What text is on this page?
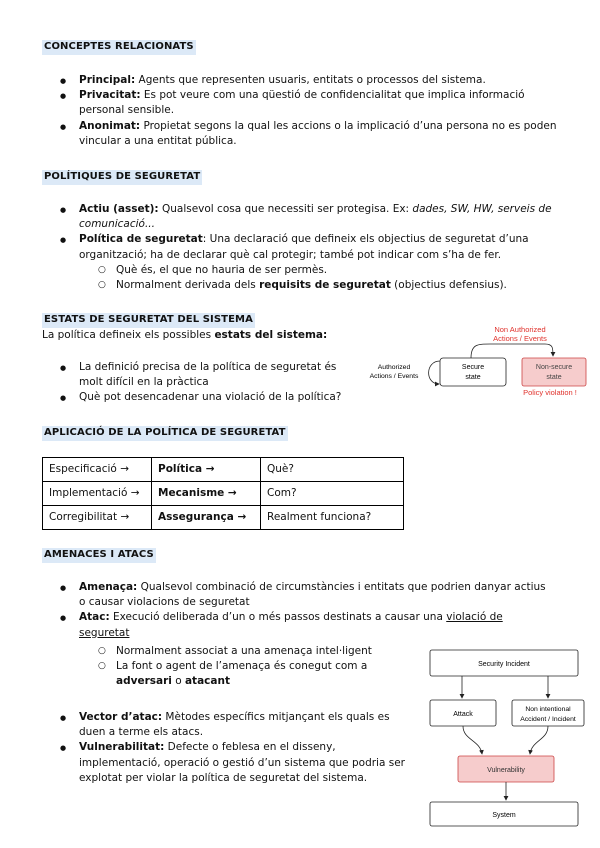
CONCEPTES RELACIONATS
● Principal: Agents que representen usuaris, entitats o processos del sistema.
● Privacitat: Es pot veure com una qüestió de confidencialitat que implica informació personal sensible.
● Anonimat: Propietat segons la qual les accions o la implicació d’una persona no es poden vincular a una entitat pública.
POLÍTIQUES DE SEGURETAT
● Actiu (asset): Qualsevol cosa que necessiti ser protegisa. Ex: dades, SW, HW, serveis de comunicació...
● Política de seguretat: Una declaració que defineix els objectius de seguretat d’una organització; ha de declarar què cal protegir; també pot indicar com s’ha de fer.
○ Què és, el que no hauria de ser permès.
○ Normalment derivada dels requisits de seguretat (objectius defensius).
ESTATS DE SEGURETAT DEL SISTEMA
La política defineix els possibles estats del sistema:
● La definició precisa de la política de seguretat és molt difícil en la pràctica
● Què pot desencadenar una violació de la política?
Non Authorized
Actions / Events
Secure
state
Non-secure
state
Authorized
Actions / Events
Policy violation !
APLICACIÓ DE LA POLÍTICA DE SEGURETAT
Especificació →	Política →	Què?
Implementació →	Mecanisme →	Com?
Corregibilitat →	Assegurança →	Realment funciona?
AMENACES I ATACS
● Amenaça: Qualsevol combinació de circumstàncies i entitats que podrien danyar actius o causar violacions de seguretat
● Atac: Execució deliberada d’un o més passos destinats a causar una violació de seguretat
○ Normalment associat a una amenaça intel·ligent
○ La font o agent de l’amenaça és conegut com a adversari o atacant
● Vector d’atac: Mètodes específics mitjançant els quals es duen a terme els atacs.
● Vulnerabilitat: Defecte o feblesa en el disseny, implementació, operació o gestió d’un sistema que podria ser explotat per violar la política de seguretat del sistema.
Security Incident
Attack
Non intentional
Accident / Incident
Vulnerability
System
